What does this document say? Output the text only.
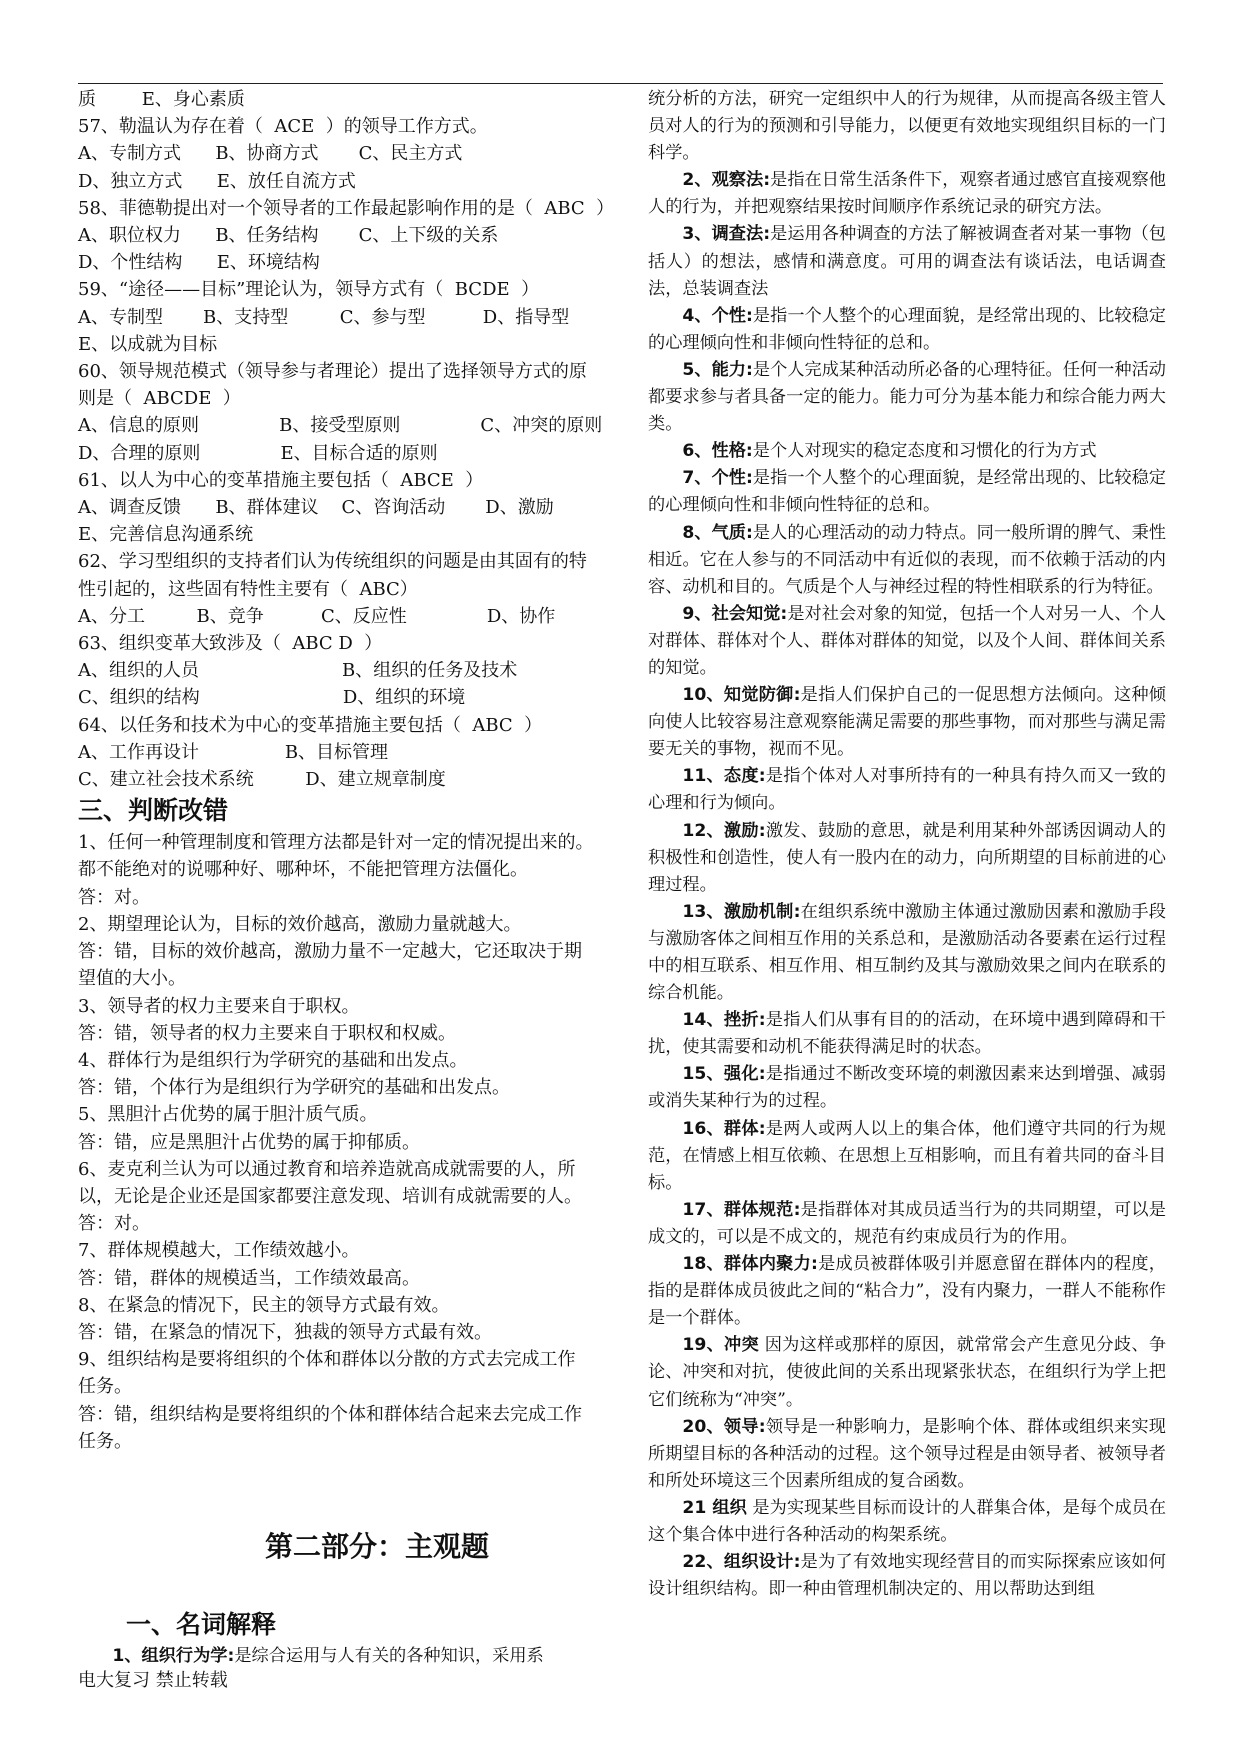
质        E、身心素质

57、勒温认为存在着（  ACE  ）的领导工作方式。

A、专制方式      B、协商方式       C、民主方式

D、独立方式      E、放任自流方式

58、菲德勒提出对一个领导者的工作最起影响作用的是（  ABC  ）

A、职位权力      B、任务结构       C、上下级的关系

D、个性结构      E、环境结构

59、“途径——目标”理论认为，领导方式有（  BCDE  ）

A、专制型       B、支持型         C、参与型          D、指导型

E、以成就为目标

60、领导规范模式（领导参与者理论）提出了选择领导方式的原

则是（  ABCDE  ）

A、信息的原则              B、接受型原则              C、冲突的原则

D、合理的原则              E、目标合适的原则

61、以人为中心的变革措施主要包括（  ABCE  ）

A、调查反馈      B、群体建议    C、咨询活动       D、激励

E、完善信息沟通系统

62、学习型组织的支持者们认为传统组织的问题是由其固有的特

性引起的，这些固有特性主要有（  ABC）

A、分工         B、竞争          C、反应性              D、协作

63、组织变革大致涉及（  ABC D  ）

A、组织的人员                         B、组织的任务及技术

C、组织的结构                         D、组织的环境

64、以任务和技术为中心的变革措施主要包括（  ABC  ）

A、工作再设计               B、目标管理

C、建立社会技术系统         D、建立规章制度

三、判断改错

1、任何一种管理制度和管理方法都是针对一定的情况提出来的。

都不能绝对的说哪种好、哪种坏，不能把管理方法僵化。

答：对。

2、期望理论认为，目标的效价越高，激励力量就越大。

答：错，目标的效价越高，激励力量不一定越大，它还取决于期

望值的大小。

3、领导者的权力主要来自于职权。

答：错，领导者的权力主要来自于职权和权威。

4、群体行为是组织行为学研究的基础和出发点。

答：错，个体行为是组织行为学研究的基础和出发点。

5、黑胆汁占优势的属于胆汁质气质。

答：错，应是黑胆汁占优势的属于抑郁质。

6、麦克利兰认为可以通过教育和培养造就高成就需要的人，所

以，无论是企业还是国家都要注意发现、培训有成就需要的人。

答：对。

7、群体规模越大，工作绩效越小。

答：错，群体的规模适当，工作绩效最高。

8、在紧急的情况下，民主的领导方式最有效。

答：错，在紧急的情况下，独裁的领导方式最有效。

9、组织结构是要将组织的个体和群体以分散的方式去完成工作

任务。

答：错，组织结构是要将组织的个体和群体结合起来去完成工作

任务。

第二部分：主观题
一、名词解释

1、组织行为学:是综合运用与人有关的各种知识，采用系

统分析的方法，研究一定组织中人的行为规律，从而提高各级主管人员对人的行为的预测和引导能力，以便更有效地实现组织目标的一门科学。

2、观察法:是指在日常生活条件下，观察者通过感官直接观察他人的行为，并把观察结果按时间顺序作系统记录的研究方法。

3、调查法:是运用各种调查的方法了解被调查者对某一事物（包括人）的想法，感情和满意度。可用的调查法有谈话法，电话调查法，总装调查法

4、个性:是指一个人整个的心理面貌，是经常出现的、比较稳定的心理倾向性和非倾向性特征的总和。

5、能力:是个人完成某种活动所必备的心理特征。任何一种活动都要求参与者具备一定的能力。能力可分为基本能力和综合能力两大类。

6、性格:是个人对现实的稳定态度和习惯化的行为方式

7、个性:是指一个人整个的心理面貌，是经常出现的、比较稳定的心理倾向性和非倾向性特征的总和。

8、气质:是人的心理活动的动力特点。同一般所谓的脾气、秉性相近。它在人参与的不同活动中有近似的表现，而不依赖于活动的内容、动机和目的。气质是个人与神经过程的特性相联系的行为特征。

9、社会知觉:是对社会对象的知觉，包括一个人对另一人、个人对群体、群体对个人、群体对群体的知觉，以及个人间、群体间关系的知觉。

10、知觉防御:是指人们保护自己的一促思想方法倾向。这种倾向使人比较容易注意观察能满足需要的那些事物，而对那些与满足需要无关的事物，视而不见。

11、态度:是指个体对人对事所持有的一种具有持久而又一致的心理和行为倾向。

12、激励:激发、鼓励的意思，就是利用某种外部诱因调动人的积极性和创造性，使人有一股内在的动力，向所期望的目标前进的心理过程。

13、激励机制:在组织系统中激励主体通过激励因素和激励手段与激励客体之间相互作用的关系总和，是激励活动各要素在运行过程中的相互联系、相互作用、相互制约及其与激励效果之间内在联系的综合机能。

14、挫折:是指人们从事有目的的活动，在环境中遇到障碍和干扰，使其需要和动机不能获得满足时的状态。

15、强化:是指通过不断改变环境的刺激因素来达到增强、减弱或消失某种行为的过程。

16、群体:是两人或两人以上的集合体，他们遵守共同的行为规范，在情感上相互依赖、在思想上互相影响，而且有着共同的奋斗目标。

17、群体规范:是指群体对其成员适当行为的共同期望，可以是成文的，可以是不成文的，规范有约束成员行为的作用。

18、群体内聚力:是成员被群体吸引并愿意留在群体内的程度，指的是群体成员彼此之间的“粘合力”，没有内聚力，一群人不能称作是一个群体。

19、冲突 因为这样或那样的原因，就常常会产生意见分歧、争论、冲突和对抗，使彼此间的关系出现紧张状态，在组织行为学上把它们统称为“冲突”。

20、领导:领导是一种影响力，是影响个体、群体或组织来实现所期望目标的各种活动的过程。这个领导过程是由领导者、被领导者和所处环境这三个因素所组成的复合函数。

21 组织 是为实现某些目标而设计的人群集合体，是每个成员在这个集合体中进行各种活动的构架系统。

22、组织设计:是为了有效地实现经营目的而实际探索应该如何设计组织结构。即一种由管理机制决定的、用以帮助达到组

电大复习 禁止转载
